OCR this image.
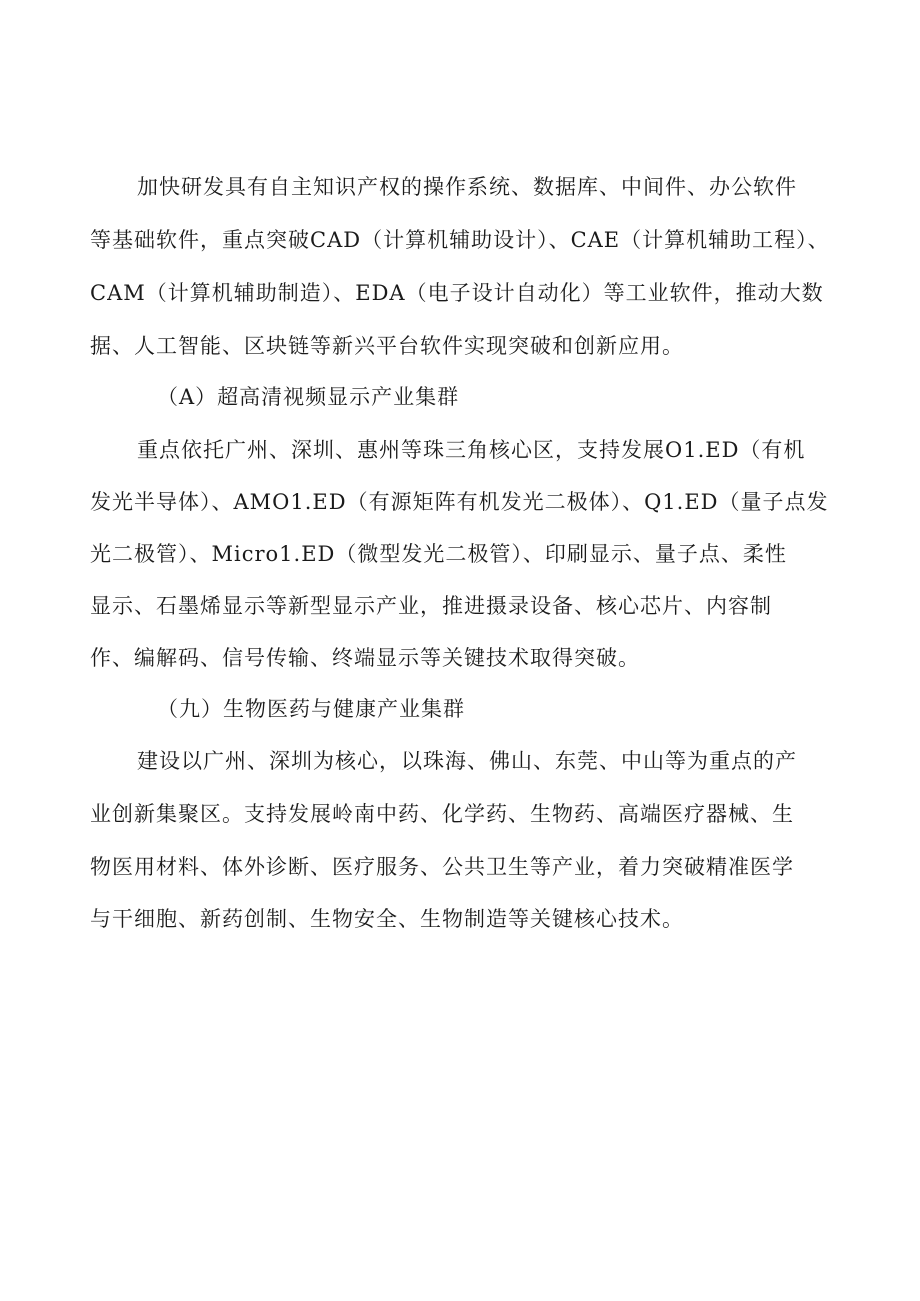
加快研发具有自主知识产权的操作系统、数据库、中间件、办公软件
等基础软件，重点突破CAD（计算机辅助设计）、CAE（计算机辅助工程）、
CAM（计算机辅助制造）、EDA（电子设计自动化）等工业软件，推动大数
据、人工智能、区块链等新兴平台软件实现突破和创新应用。
（A）超高清视频显示产业集群
重点依托广州、深圳、惠州等珠三角核心区，支持发展O1.ED（有机
发光半导体）、AMO1.ED（有源矩阵有机发光二极体）、Q1.ED（量子点发
光二极管）、Micro1.ED（微型发光二极管）、印刷显示、量子点、柔性
显示、石墨烯显示等新型显示产业，推进摄录设备、核心芯片、内容制
作、编解码、信号传输、终端显示等关键技术取得突破。
（九）生物医药与健康产业集群
建设以广州、深圳为核心，以珠海、佛山、东莞、中山等为重点的产
业创新集聚区。支持发展岭南中药、化学药、生物药、高端医疗器械、生
物医用材料、体外诊断、医疗服务、公共卫生等产业，着力突破精准医学
与干细胞、新药创制、生物安全、生物制造等关键核心技术。
